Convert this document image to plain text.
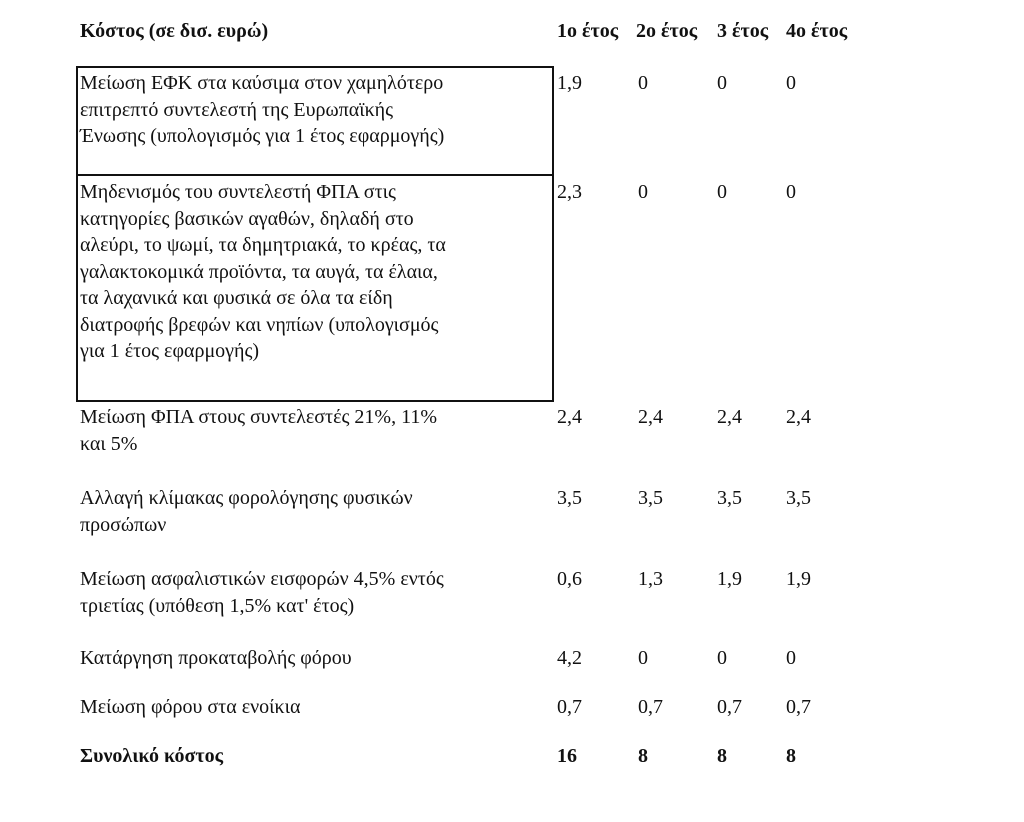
Κόστος (σε δισ. ευρώ)	1ο έτος 2ο έτος 3 έτος 4ο έτος
Μείωση ΕΦΚ στα καύσιμα στον χαμηλότερο
επιτρεπτό συντελεστή της Ευρωπαϊκής
Ένωσης (υπολογισμός για 1 έτος εφαρμογής)
1,9	0	0	0
Μηδενισμός του συντελεστή ΦΠΑ στις
κατηγορίες βασικών αγαθών, δηλαδή στο
αλεύρι, το ψωμί, τα δημητριακά, το κρέας, τα
γαλακτοκομικά προϊόντα, τα αυγά, τα έλαια,
τα λαχανικά και φυσικά σε όλα τα είδη
διατροφής βρεφών και νηπίων (υπολογισμός
για 1 έτος εφαρμογής)
2,3	0	0	0
Μείωση ΦΠΑ στους συντελεστές 21%, 11%
και 5%
2,4	2,4	2,4 2,4
Αλλαγή κλίμακας φορολόγησης φυσικών
προσώπων
3,5	3,5	3,5 3,5
Μείωση ασφαλιστικών εισφορών 4,5% εντός
τριετίας (υπόθεση 1,5% κατ' έτος)
0,6	1,3	1,9 1,9
Κατάργηση προκαταβολής φόρου	4,2	0	0	0
Μείωση φόρου στα ενοίκια	0,7	0,7	0,7 0,7
Συνολικό κόστος	16	8	8	8
